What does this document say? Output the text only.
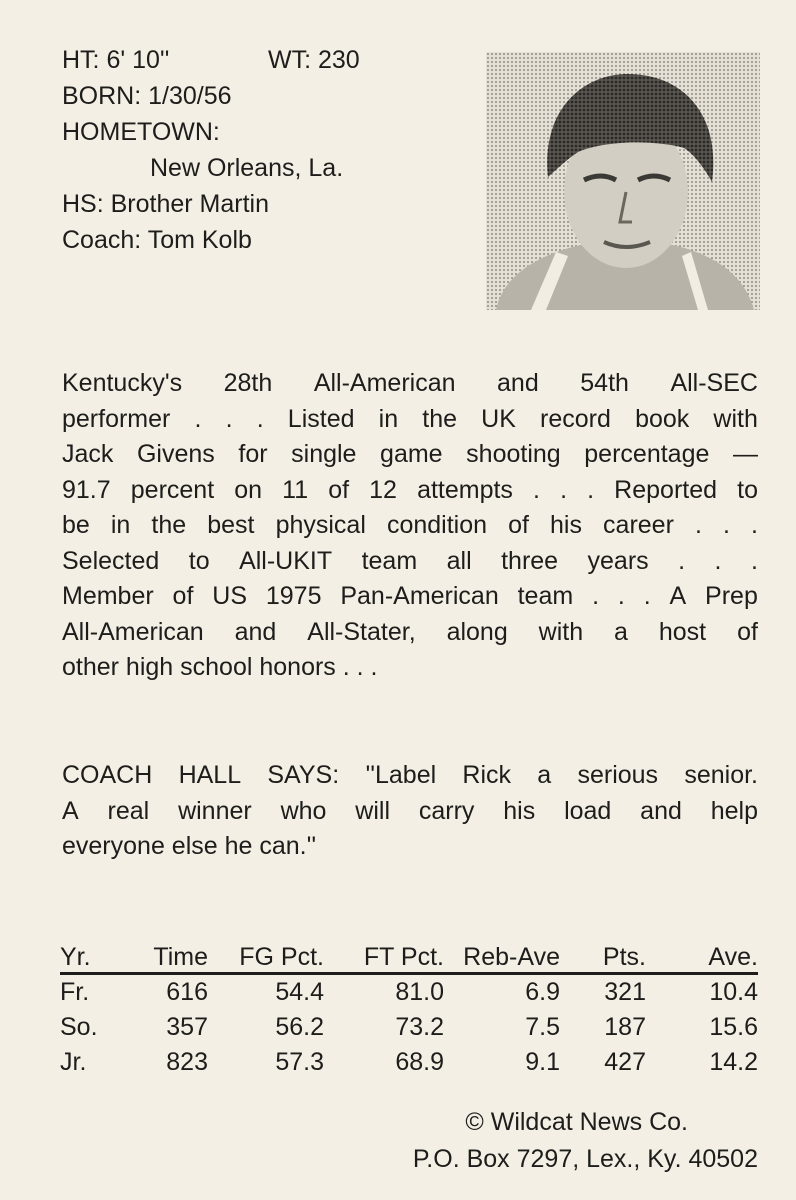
HT: 6' 10''	WT: 230
BORN: 1/30/56
HOMETOWN:
New Orleans, La.
HS: Brother Martin
Coach: Tom Kolb
Kentucky's 28th All-American and 54th All-SEC
performer . . . Listed in the UK record book with
Jack Givens for single game shooting percentage —
91.7 percent on 11 of 12 attempts . . . Reported to
be in the best physical condition of his career . . .
Selected to All-UKIT team all three years . . .
Member of US 1975 Pan-American team . . . A Prep
All-American and All-Stater, along with a host of
other high school honors . . .
COACH HALL SAYS: ''Label Rick a serious senior.
A real winner who will carry his load and help
everyone else he can.''
Yr.	Time	FG Pct.	FT Pct.	Reb-Ave	Pts.	Ave.
Fr.	616	54.4	81.0	6.9	321	10.4
So.	357	56.2	73.2	7.5	187	15.6
Jr.	823	57.3	68.9	9.1	427	14.2
© Wildcat News Co.
P.O. Box 7297, Lex., Ky. 40502
